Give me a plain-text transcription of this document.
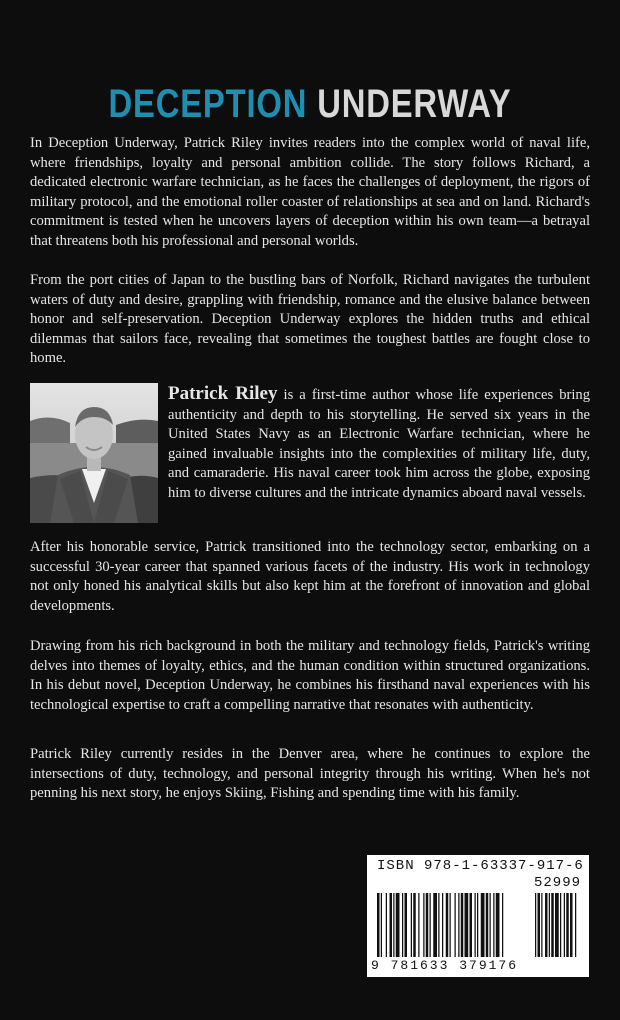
DECEPTION UNDERWAY

In Deception Underway, Patrick Riley invites readers into the complex world of naval life, where friendships, loyalty and personal ambition collide. The story follows Richard, a dedicated electronic warfare technician, as he faces the challenges of deployment, the rigors of military protocol, and the emotional roller coaster of relationships at sea and on land. Richard's commitment is tested when he uncovers layers of deception within his own team—a betrayal that threatens both his professional and personal worlds.

From the port cities of Japan to the bustling bars of Norfolk, Richard navigates the turbulent waters of duty and desire, grappling with friendship, romance and the elusive balance between honor and self-preservation. Deception Underway explores the hidden truths and ethical dilemmas that sailors face, revealing that sometimes the toughest battles are fought close to home.

Patrick Riley is a first-time author whose life experiences bring authenticity and depth to his storytelling. He served six years in the United States Navy as an Electronic Warfare technician, where he gained invaluable insights into the complexities of military life, duty, and camaraderie. His naval career took him across the globe, exposing him to diverse cultures and the intricate dynamics aboard naval vessels.

After his honorable service, Patrick transitioned into the technology sector, embarking on a successful 30-year career that spanned various facets of the industry. His work in technology not only honed his analytical skills but also kept him at the forefront of innovation and global developments.

Drawing from his rich background in both the military and technology fields, Patrick's writing delves into themes of loyalty, ethics, and the human condition within structured organizations. In his debut novel, Deception Underway, he combines his firsthand naval experiences with his technological expertise to craft a compelling narrative that resonates with authenticity.

Patrick Riley currently resides in the Denver area, where he continues to explore the intersections of duty, technology, and personal integrity through his writing. When he's not penning his next story, he enjoys Skiing, Fishing and spending time with his family.

ISBN 978-1-63337-917-6
52999
9 781633 379176
